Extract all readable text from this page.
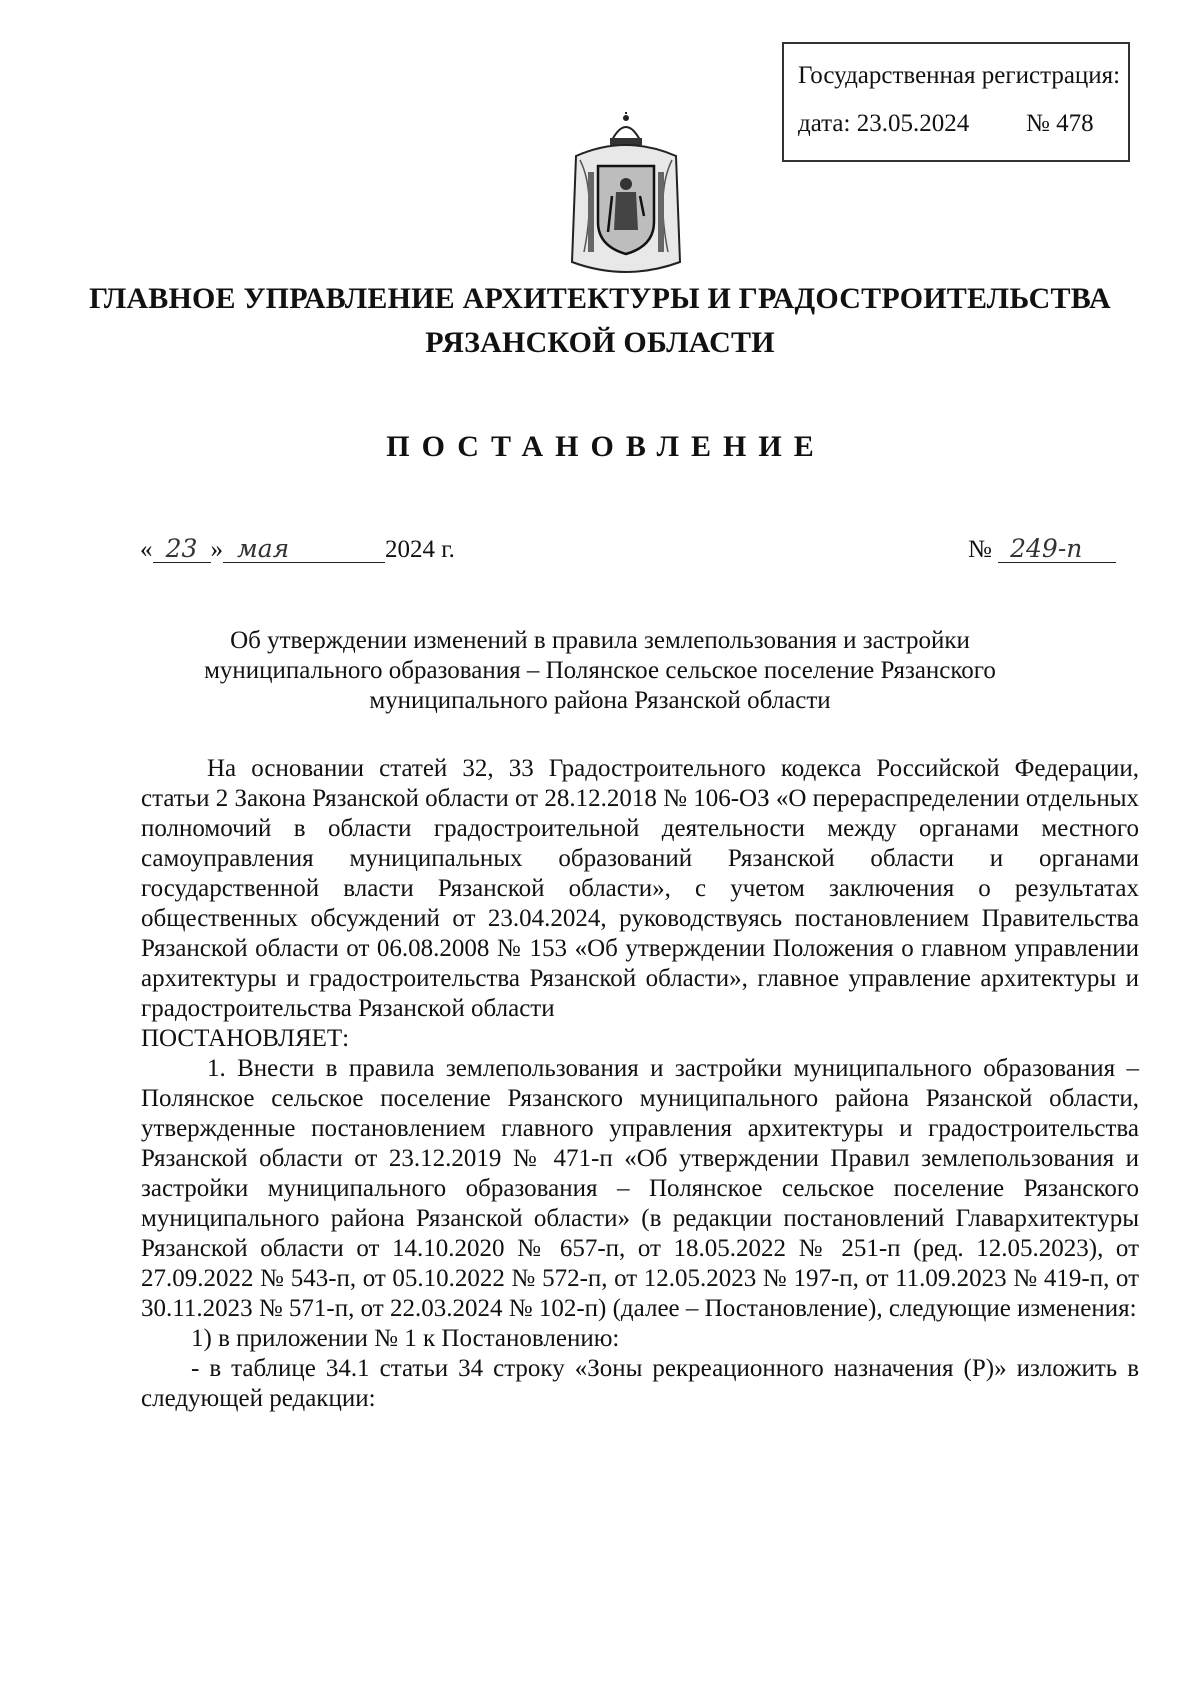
Государственная регистрация:
дата: 23.05.2024 № 478
ГЛАВНОЕ УПРАВЛЕНИЕ АРХИТЕКТУРЫ И ГРАДОСТРОИТЕЛЬСТВА
РЯЗАНСКОЙ ОБЛАСТИ
ПОСТАНОВЛЕНИЕ
« 23 » мая	2024 г.	№ 249-п
Об утверждении изменений в правила землепользования и застройки
муниципального образования – Полянское сельское поселение Рязанского
муниципального района Рязанской области

На основании статей 32, 33 Градостроительного кодекса Российской Федерации, статьи 2 Закона Рязанской области от 28.12.2018 № 106-ОЗ «О перераспределении отдельных полномочий в области градостроительной деятельности между органами местного самоуправления муниципальных образований Рязанской области и органами государственной власти Рязанской области», с учетом заключения о результатах общественных обсуждений от 23.04.2024, руководствуясь постановлением Правительства Рязанской области от 06.08.2008 № 153 «Об утверждении Положения о главном управлении архитектуры и градостроительства Рязанской области», главное управление архитектуры и градостроительства Рязанской области

ПОСТАНОВЛЯЕТ:

1. Внести в правила землепользования и застройки муниципального образования – Полянское сельское поселение Рязанского муниципального района Рязанской области, утвержденные постановлением главного управления архитектуры и градостроительства Рязанской области от 23.12.2019 № 471-п «Об утверждении Правил землепользования и застройки муниципального образования – Полянское сельское поселение Рязанского муниципального района Рязанской области» (в редакции постановлений Главархитектуры Рязанской области от 14.10.2020 № 657-п, от 18.05.2022 № 251-п (ред. 12.05.2023), от 27.09.2022 № 543-п, от 05.10.2022 № 572-п, от 12.05.2023 № 197-п, от 11.09.2023 № 419-п, от 30.11.2023 № 571-п, от 22.03.2024 № 102-п) (далее – Постановление), следующие изменения:

1) в приложении № 1 к Постановлению:

- в таблице 34.1 статьи 34 строку «Зоны рекреационного назначения (Р)» изложить в следующей редакции:
